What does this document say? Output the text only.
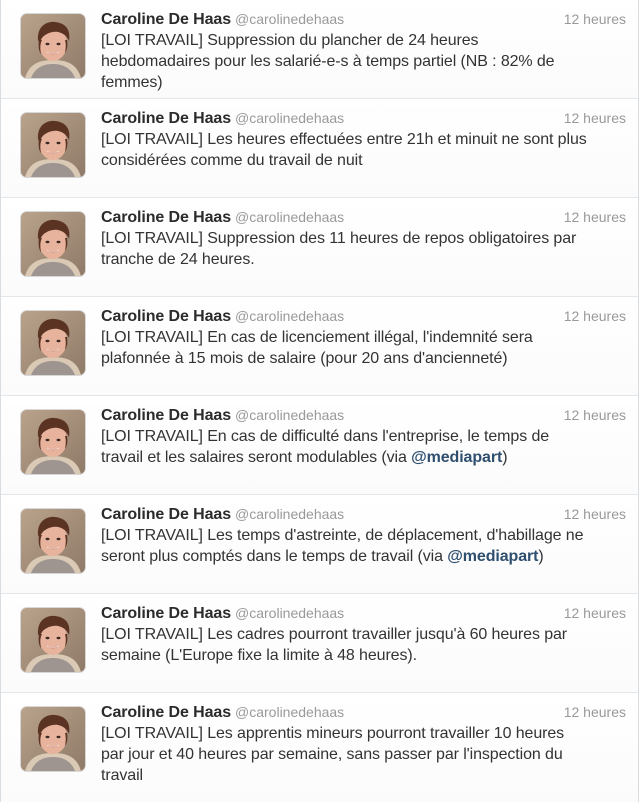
Caroline De Haas @carolinedehaas	12 heures
[LOI TRAVAIL] Suppression du plancher de 24 heures
hebdomadaires pour les salarié-e-s à temps partiel (NB : 82% de
femmes)
Caroline De Haas @carolinedehaas	12 heures
[LOI TRAVAIL] Les heures effectuées entre 21h et minuit ne sont plus
considérées comme du travail de nuit
Caroline De Haas @carolinedehaas	12 heures
[LOI TRAVAIL] Suppression des 11 heures de repos obligatoires par
tranche de 24 heures.
Caroline De Haas @carolinedehaas	12 heures
[LOI TRAVAIL] En cas de licenciement illégal, l'indemnité sera
plafonnée à 15 mois de salaire (pour 20 ans d'ancienneté)
Caroline De Haas @carolinedehaas	12 heures
[LOI TRAVAIL] En cas de difficulté dans l'entreprise, le temps de
travail et les salaires seront modulables (via @mediapart)
Caroline De Haas @carolinedehaas	12 heures
[LOI TRAVAIL] Les temps d'astreinte, de déplacement, d'habillage ne
seront plus comptés dans le temps de travail (via @mediapart)
Caroline De Haas @carolinedehaas	12 heures
[LOI TRAVAIL] Les cadres pourront travailler jusqu'à 60 heures par
semaine (L'Europe fixe la limite à 48 heures).
Caroline De Haas @carolinedehaas	12 heures
[LOI TRAVAIL] Les apprentis mineurs pourront travailler 10 heures
par jour et 40 heures par semaine, sans passer par l'inspection du
travail
